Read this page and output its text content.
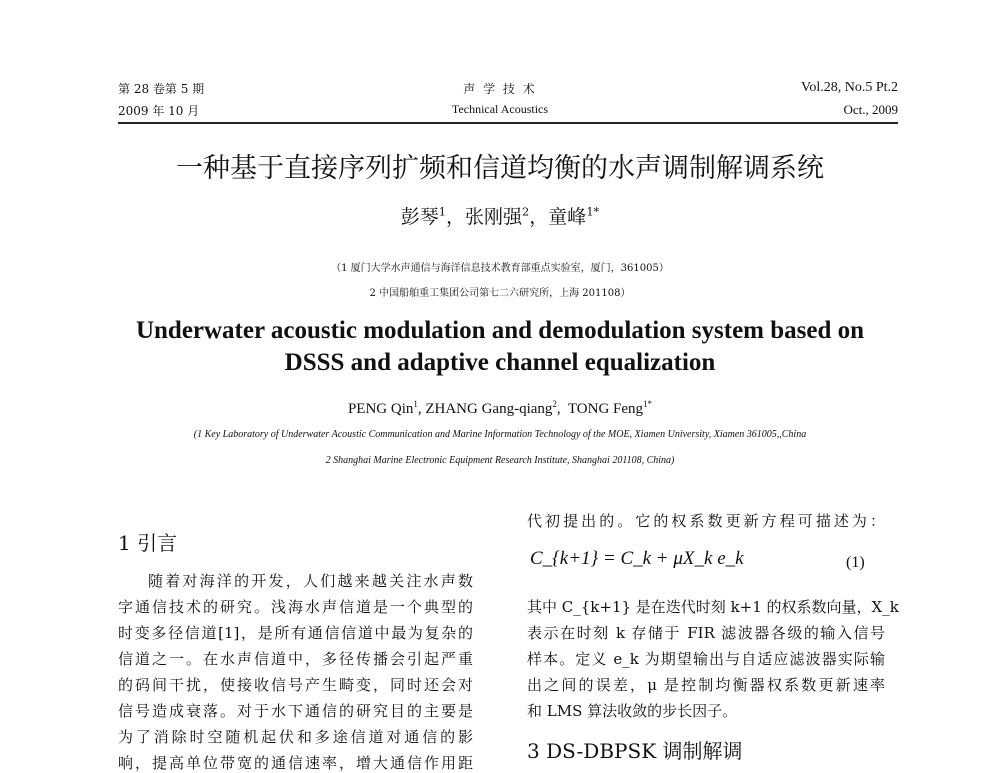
第 28 卷第 5 期
2009 年 10 月
声 学 技 术
Technical Acoustics
Vol.28, No.5 Pt.2
Oct., 2009
一种基于直接序列扩频和信道均衡的水声调制解调系统
彭琴$^1$，张刚强$^2$，童峰$^{1*}$
（1 厦门大学水声通信与海洋信息技术教育部重点实验室，厦门，361005）
2 中国船舶重工集团公司第七二六研究所，上海 201108）
Underwater acoustic modulation and demodulation system based on
DSSS and adaptive channel equalization
PENG Qin$^1$, ZHANG Gang-qiang$^2$,  TONG Feng$^{1*}$
(1 Key Laboratory of Underwater Acoustic Communication and Marine Information Technology of the MOE, Xiamen University, Xiamen 361005,,China
2 Shanghai Marine Electronic Equipment Research Institute, Shanghai 201108, China)
1 引言
随着对海洋的开发，人们越来越关注水声数
字通信技术的研究。浅海水声信道是一个典型的
时变多径信道[1]，是所有通信信道中最为复杂的
信道之一。在水声信道中，多径传播会引起严重
的码间干扰，使接收信号产生畸变，同时还会对
信号造成衰落。对于水下通信的研究目的主要是
为了消除时空随机起伏和多途信道对通信的影
响，提高单位带宽的通信速率，增大通信作用距
代初提出的。它的权系数更新方程可描述为：
C_{k+1} = C_k + μX_k e_k	(1)
其中 C_{k+1} 是在迭代时刻 k+1 的权系数向量，X_k
表示在时刻 k 存储于 FIR 滤波器各级的输入信号
样本。定义 e_k 为期望输出与自适应滤波器实际输
出之间的误差，μ 是控制均衡器权系数更新速率
和 LMS 算法收敛的步长因子。
3 DS-DBPSK 调制解调
